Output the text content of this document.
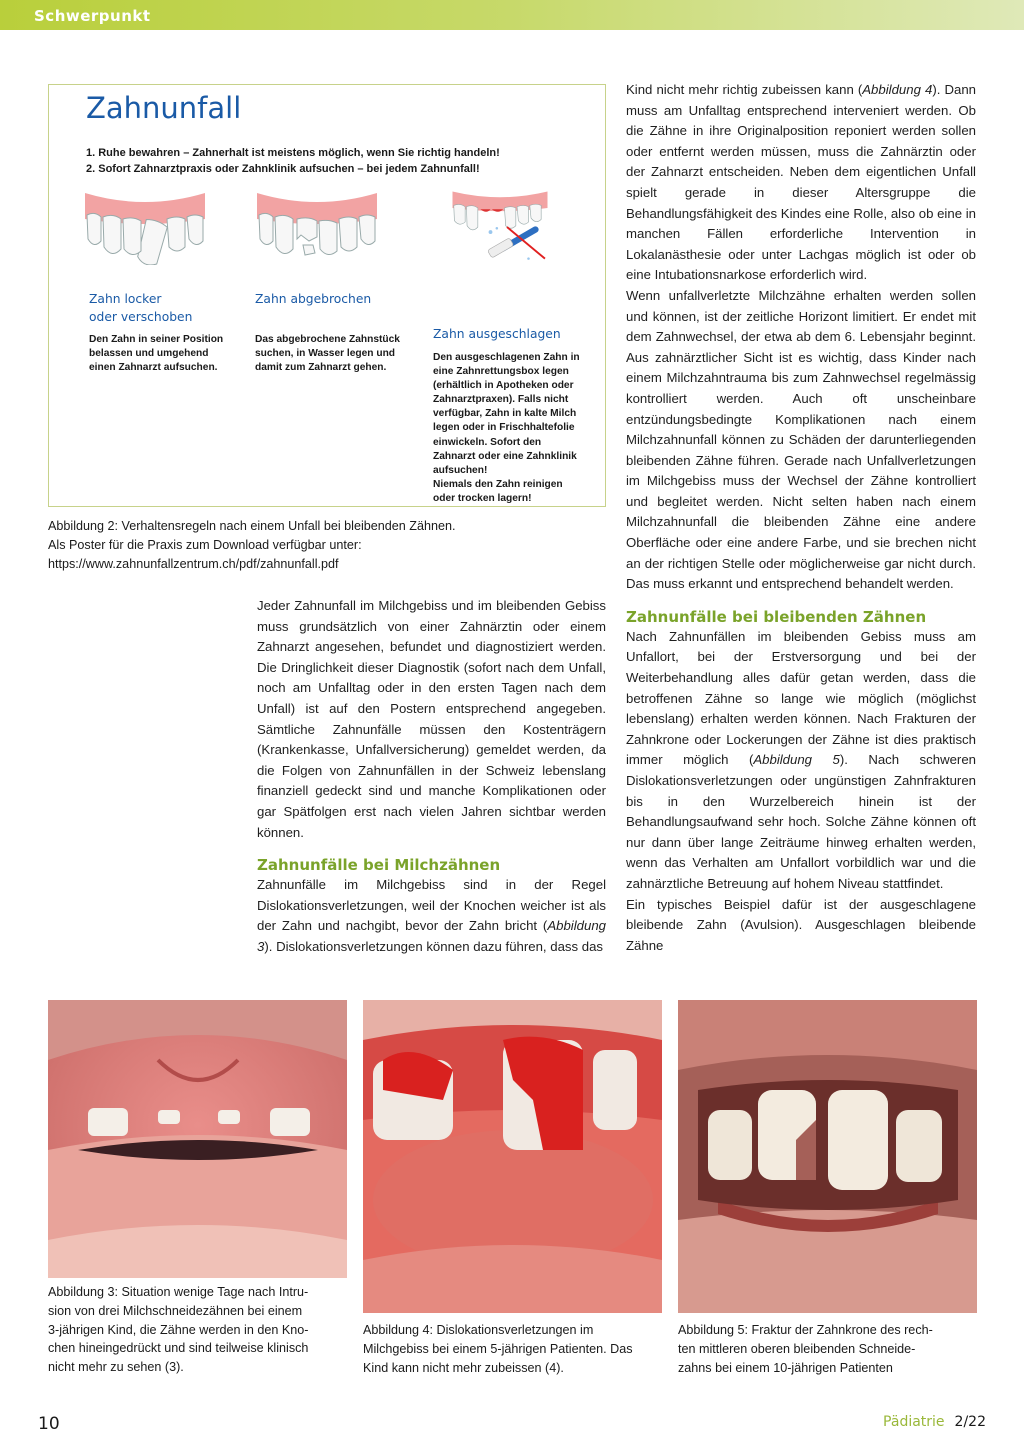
Schwerpunkt
Zahnunfall
1. Ruhe bewahren – Zahnerhalt ist meistens möglich, wenn Sie richtig handeln!
2. Sofort Zahnarztpraxis oder Zahnklinik aufsuchen – bei jedem Zahnunfall!
Zahn locker
oder verschoben
Den Zahn in seiner Position
belassen und umgehend
einen Zahnarzt aufsuchen.
Zahn abgebrochen
Das abgebrochene Zahnstück
suchen, in Wasser legen und
damit zum Zahnarzt gehen.
Zahn ausgeschlagen
Den ausgeschlagenen Zahn in
eine Zahnrettungsbox legen
(erhältlich in Apotheken oder
Zahnarztpraxen). Falls nicht
verfügbar, Zahn in kalte Milch
legen oder in Frischhaltefolie
einwickeln. Sofort den
Zahnarzt oder eine Zahnklinik
aufsuchen!
Niemals den Zahn reinigen
oder trocken lagern!
Abbildung 2: Verhaltensregeln nach einem Unfall bei bleibenden Zähnen.
Als Poster für die Praxis zum Download verfügbar unter:
https://www.zahnunfallzentrum.ch/pdf/zahnunfall.pdf

Jeder Zahnunfall im Milchgebiss und im bleibenden Gebiss muss grundsätzlich von einer Zahnärztin oder einem Zahnarzt angesehen, befundet und diagnostiziert werden. Die Dringlichkeit dieser Diagnostik (sofort nach dem Unfall, noch am Unfalltag oder in den ersten Tagen nach dem Unfall) ist auf den Postern entsprechend angegeben. Sämtliche Zahnunfälle müssen den Kostenträgern (Krankenkasse, Unfallversicherung) gemeldet werden, da die Folgen von Zahnunfällen in der Schweiz lebenslang finanziell gedeckt sind und manche Komplikationen oder gar Spätfolgen erst nach vielen Jahren sichtbar werden können.

Zahnunfälle bei Milchzähnen

Zahnunfälle im Milchgebiss sind in der Regel Dislokationsverletzungen, weil der Knochen weicher ist als der Zahn und nachgibt, bevor der Zahn bricht (Abbildung 3). Dislokationsverletzungen können dazu führen, dass das

Kind nicht mehr richtig zubeissen kann (Abbildung 4). Dann muss am Unfalltag entsprechend interveniert werden. Ob die Zähne in ihre Originalposition reponiert werden sollen oder entfernt werden müssen, muss die Zahnärztin oder der Zahnarzt entscheiden. Neben dem eigentlichen Unfall spielt gerade in dieser Altersgruppe die Behandlungsfähigkeit des Kindes eine Rolle, also ob eine in manchen Fällen erforderliche Intervention in Lokalanästhesie oder unter Lachgas möglich ist oder ob eine Intubationsnarkose erforderlich wird.

Wenn unfallverletzte Milchzähne erhalten werden sollen und können, ist der zeitliche Horizont limitiert. Er endet mit dem Zahnwechsel, der etwa ab dem 6. Lebensjahr beginnt. Aus zahnärztlicher Sicht ist es wichtig, dass Kinder nach einem Milchzahntrauma bis zum Zahnwechsel regelmässig kontrolliert werden. Auch oft unscheinbare entzündungsbedingte Komplikationen nach einem Milchzahnunfall können zu Schäden der darunterliegenden bleibenden Zähne führen. Gerade nach Unfallverletzungen im Milchgebiss muss der Wechsel der Zähne kontrolliert und begleitet werden. Nicht selten haben nach einem Milchzahnunfall die bleibenden Zähne eine andere Oberfläche oder eine andere Farbe, und sie brechen nicht an der richtigen Stelle oder möglicherweise gar nicht durch. Das muss erkannt und entsprechend behandelt werden.

Zahnunfälle bei bleibenden Zähnen

Nach Zahnunfällen im bleibenden Gebiss muss am Unfallort, bei der Erstversorgung und bei der Weiterbehandlung alles dafür getan werden, dass die betroffenen Zähne so lange wie möglich (möglichst lebenslang) erhalten werden können. Nach Frakturen der Zahnkrone oder Lockerungen der Zähne ist dies praktisch immer möglich (Abbildung 5). Nach schweren Dislokationsverletzungen oder ungünstigen Zahnfrakturen bis in den Wurzelbereich hinein ist der Behandlungsaufwand sehr hoch. Solche Zähne können oft nur dann über lange Zeiträume hinweg erhalten werden, wenn das Verhalten am Unfallort vorbildlich war und die zahnärztliche Betreuung auf hohem Niveau stattfindet.

Ein typisches Beispiel dafür ist der ausgeschlagene bleibende Zahn (Avulsion). Ausgeschlagen bleibende Zähne

Abbildung 3: Situation wenige Tage nach Intru-
sion von drei Milchschneidezähnen bei einem
3-jährigen Kind, die Zähne werden in den Kno-
chen hineingedrückt und sind teilweise klinisch
nicht mehr zu sehen (3).
Abbildung 4: Dislokationsverletzungen im
Milchgebiss bei einem 5-jährigen Patienten. Das
Kind kann nicht mehr zubeissen (4).
Abbildung 5: Fraktur der Zahnkrone des rech-
ten mittleren oberen bleibenden Schneide-
zahns bei einem 10-jährigen Patienten
10	Pädiatrie 2/22
